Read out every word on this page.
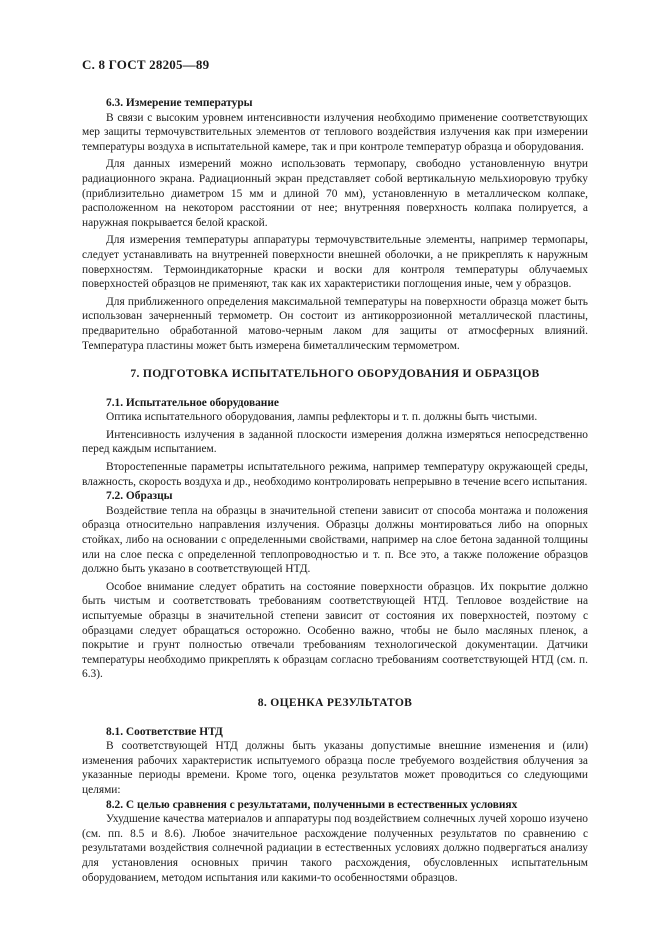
С. 8 ГОСТ 28205—89
6.3. Измерение температуры

В связи с высоким уровнем интенсивности излучения необходимо применение соответствующих мер защиты термочувствительных элементов от теплового воздействия излучения как при измерении температуры воздуха в испытательной камере, так и при контроле температур образца и оборудования.

Для данных измерений можно использовать термопару, свободно установленную внутри радиационного экрана. Радиационный экран представляет собой вертикальную мельхиоровую трубку (приблизительно диаметром 15 мм и длиной 70 мм), установленную в металлическом колпаке, расположенном на некотором расстоянии от нее; внутренняя поверхность колпака полируется, а наружная покрывается белой краской.

Для измерения температуры аппаратуры термочувствительные элементы, например термопары, следует устанавливать на внутренней поверхности внешней оболочки, а не прикреплять к наружным поверхностям. Термоиндикаторные краски и воски для контроля температуры облучаемых поверхностей образцов не применяют, так как их характеристики поглощения иные, чем у образцов.

Для приближенного определения максимальной температуры на поверхности образца может быть использован зачерненный термометр. Он состоит из антикоррозионной металлической пластины, предварительно обработанной матово-черным лаком для защиты от атмосферных влияний. Температура пластины может быть измерена биметаллическим термометром.

7. ПОДГОТОВКА ИСПЫТАТЕЛЬНОГО ОБОРУДОВАНИЯ И ОБРАЗЦОВ
7.1. Испытательное оборудование

Оптика испытательного оборудования, лампы рефлекторы и т. п. должны быть чистыми.

Интенсивность излучения в заданной плоскости измерения должна измеряться непосредственно перед каждым испытанием.

Второстепенные параметры испытательного режима, например температуру окружающей среды, влажность, скорость воздуха и др., необходимо контролировать непрерывно в течение всего испытания.

7.2. Образцы

Воздействие тепла на образцы в значительной степени зависит от способа монтажа и положения образца относительно направления излучения. Образцы должны монтироваться либо на опорных стойках, либо на основании с определенными свойствами, например на слое бетона заданной толщины или на слое песка с определенной теплопроводностью и т. п. Все это, а также положение образцов должно быть указано в соответствующей НТД.

Особое внимание следует обратить на состояние поверхности образцов. Их покрытие должно быть чистым и соответствовать требованиям соответствующей НТД. Тепловое воздействие на испытуемые образцы в значительной степени зависит от состояния их поверхностей, поэтому с образцами следует обращаться осторожно. Особенно важно, чтобы не было масляных пленок, а покрытие и грунт полностью отвечали требованиям технологической документации. Датчики температуры необходимо прикреплять к образцам согласно требованиям соответствующей НТД (см. п. 6.3).

8. ОЦЕНКА РЕЗУЛЬТАТОВ
8.1. Соответствие НТД

В соответствующей НТД должны быть указаны допустимые внешние изменения и (или) изменения рабочих характеристик испытуемого образца после требуемого воздействия облучения за указанные периоды времени. Кроме того, оценка результатов может проводиться со следующими целями:

8.2. С целью сравнения с результатами, полученными в естественных условиях

Ухудшение качества материалов и аппаратуры под воздействием солнечных лучей хорошо изучено (см. пп. 8.5 и 8.6). Любое значительное расхождение полученных результатов по сравнению с результатами воздействия солнечной радиации в естественных условиях должно подвергаться анализу для установления основных причин такого расхождения, обусловленных испытательным оборудованием, методом испытания или какими-то особенностями образцов.
